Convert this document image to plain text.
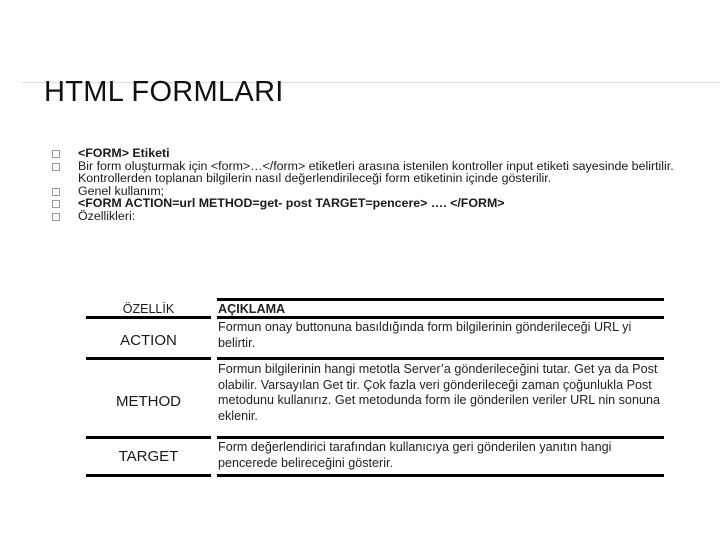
HTML FORMLARI
<FORM> Etiketi
Bir form oluşturmak için <form>…</form> etiketleri arasına istenilen kontroller input etiketi sayesinde belirtilir. Kontrollerden toplanan bilgilerin nasıl değerlendirileceği form etiketinin içinde gösterilir.
Genel kullanım;
<FORM ACTION=url METHOD=get- post TARGET=pencere> …. </FORM>
Özellikleri:
ÖZELLİK	AÇIKLAMA
ACTION
Formun onay buttonuna basıldığında form bilgilerinin gönderileceği URL yi belirtir.
METHOD
Formun bilgilerinin hangi metotla Server’a gönderileceğini tutar. Get ya da Post olabilir. Varsayılan Get tir. Çok fazla veri gönderileceği zaman çoğunlukla Post metodunu kullanırız. Get metodunda form ile gönderilen veriler URL nin sonuna eklenir.
TARGET
Form değerlendirici tarafından kullanıcıya geri gönderilen yanıtın hangi pencerede belireceğini gösterir.
